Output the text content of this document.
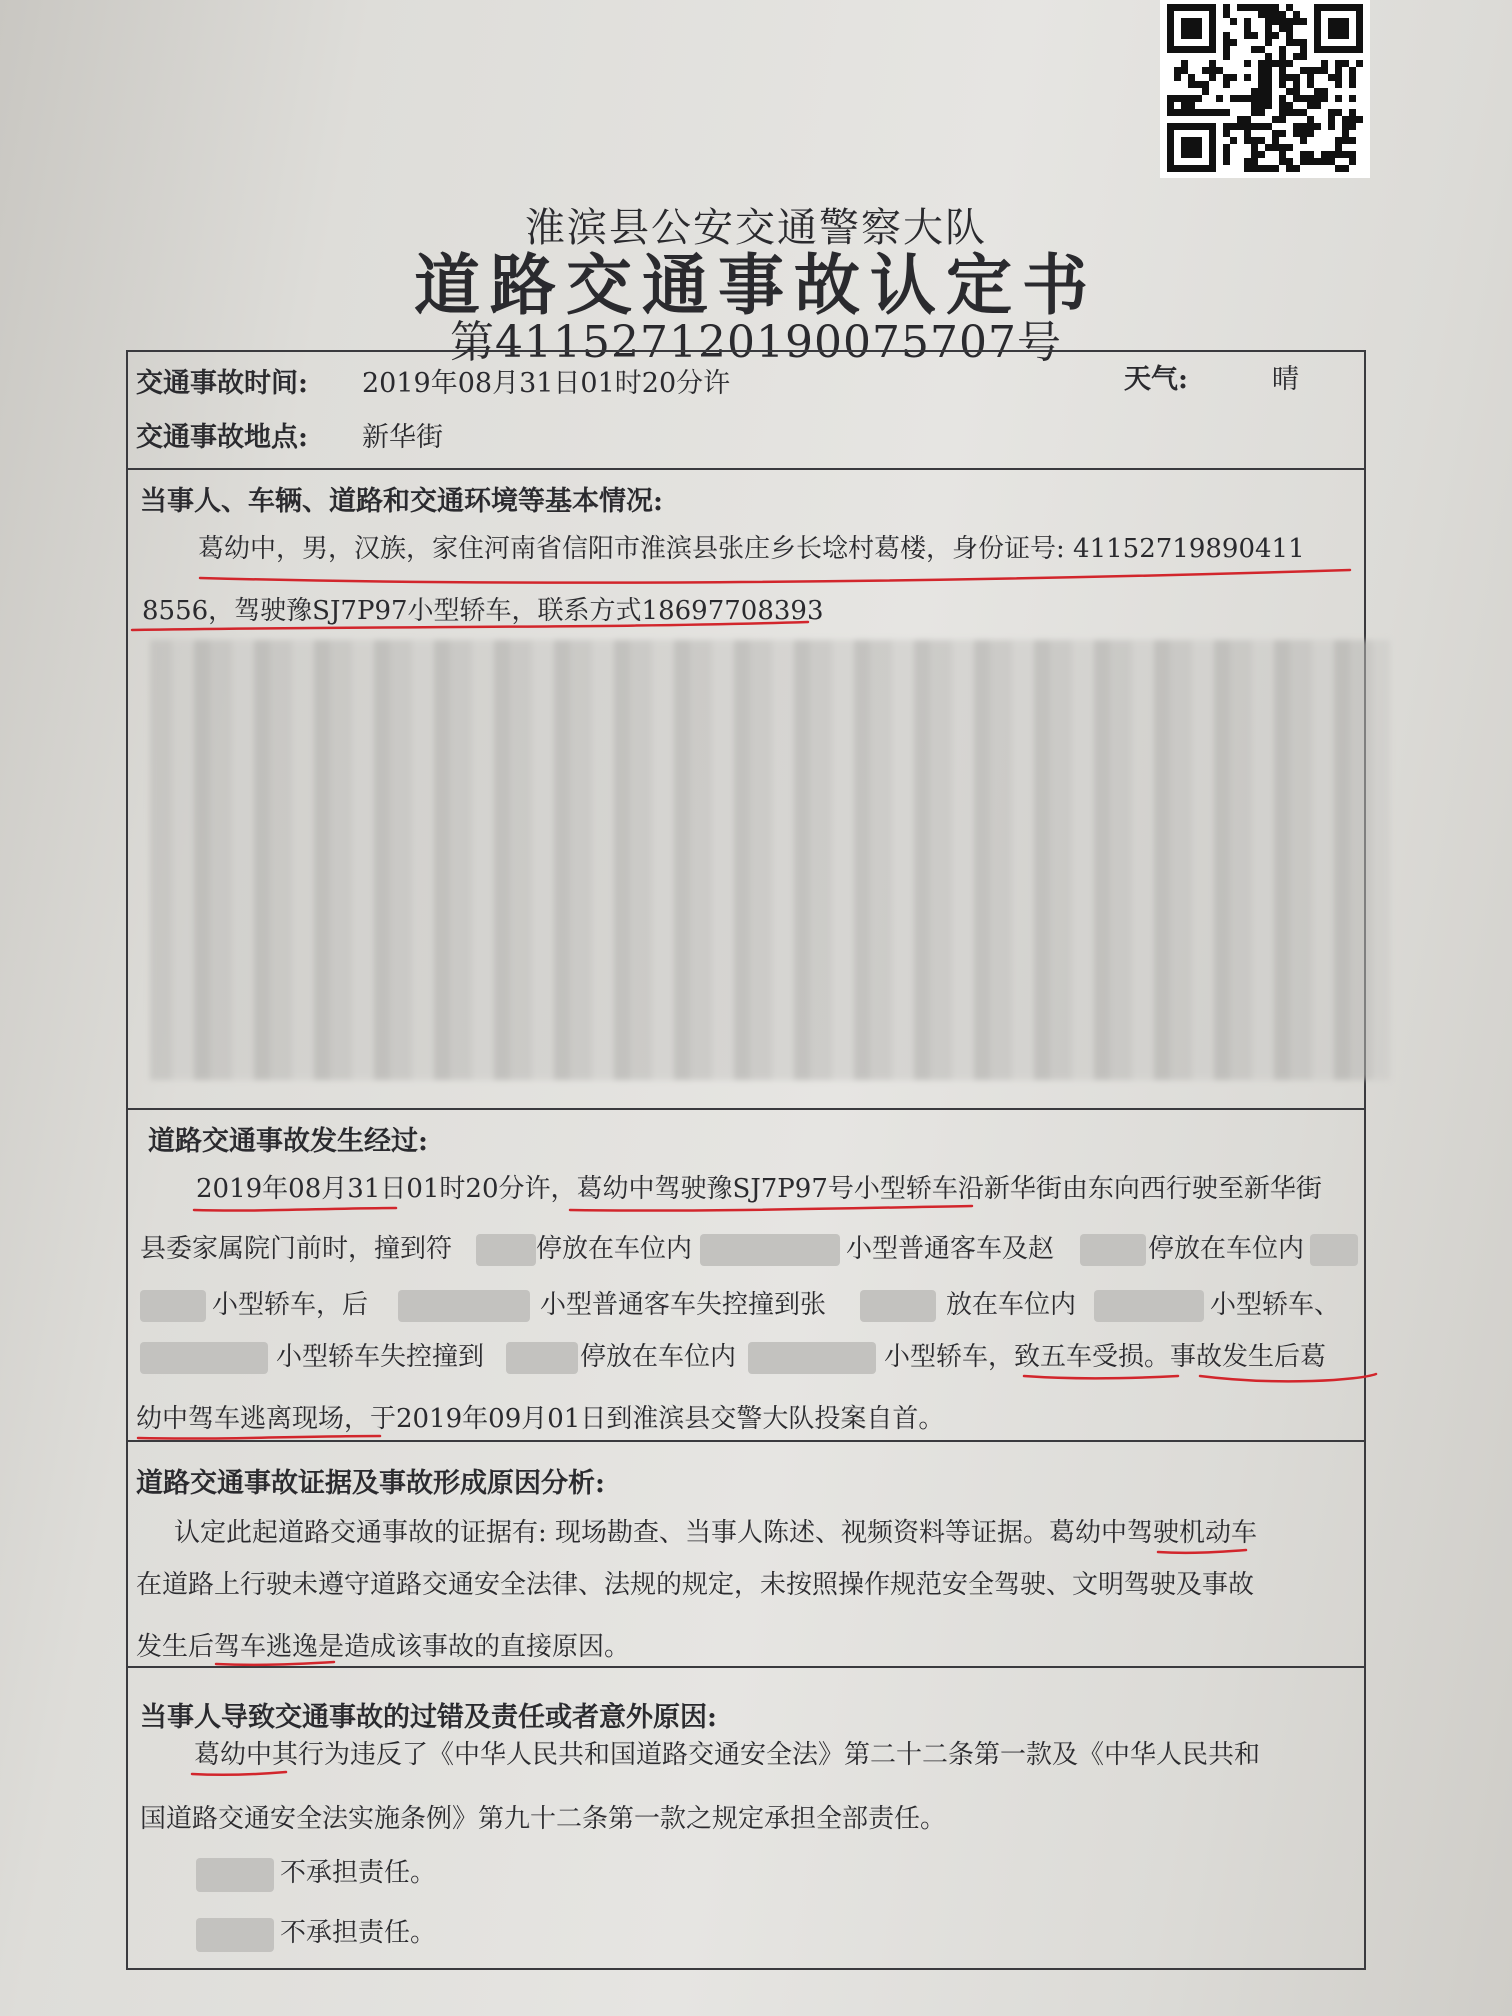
淮滨县公安交通警察大队
道路交通事故认定书
第411527120190075707号
交通事故时间: 2019年08月31日01时20分许	天气:	晴
交通事故地点: 新华街
当事人、车辆、道路和交通环境等基本情况:
葛幼中，男，汉族，家住河南省信阳市淮滨县张庄乡长埝村葛楼，身份证号: 41152719890411
8556，驾驶豫SJ7P97小型轿车，联系方式18697708393
道路交通事故发生经过:
2019年08月31日01时20分许，葛幼中驾驶豫SJ7P97号小型轿车沿新华街由东向西行驶至新华街
县委家属院门前时，撞到符	停放在车位内	小型普通客车及赵	停放在车位内
小型轿车，后	小型普通客车失控撞到张	放在车位内	小型轿车、
小型轿车失控撞到	停放在车位内	小型轿车，致五车受损。事故发生后葛
幼中驾车逃离现场，于2019年09月01日到淮滨县交警大队投案自首。
道路交通事故证据及事故形成原因分析:
认定此起道路交通事故的证据有: 现场勘查、当事人陈述、视频资料等证据。葛幼中驾驶机动车
在道路上行驶未遵守道路交通安全法律、法规的规定，未按照操作规范安全驾驶、文明驾驶及事故
发生后驾车逃逸是造成该事故的直接原因。
当事人导致交通事故的过错及责任或者意外原因:
葛幼中其行为违反了《中华人民共和国道路交通安全法》第二十二条第一款及《中华人民共和
国道路交通安全法实施条例》第九十二条第一款之规定承担全部责任。
不承担责任。
不承担责任。
